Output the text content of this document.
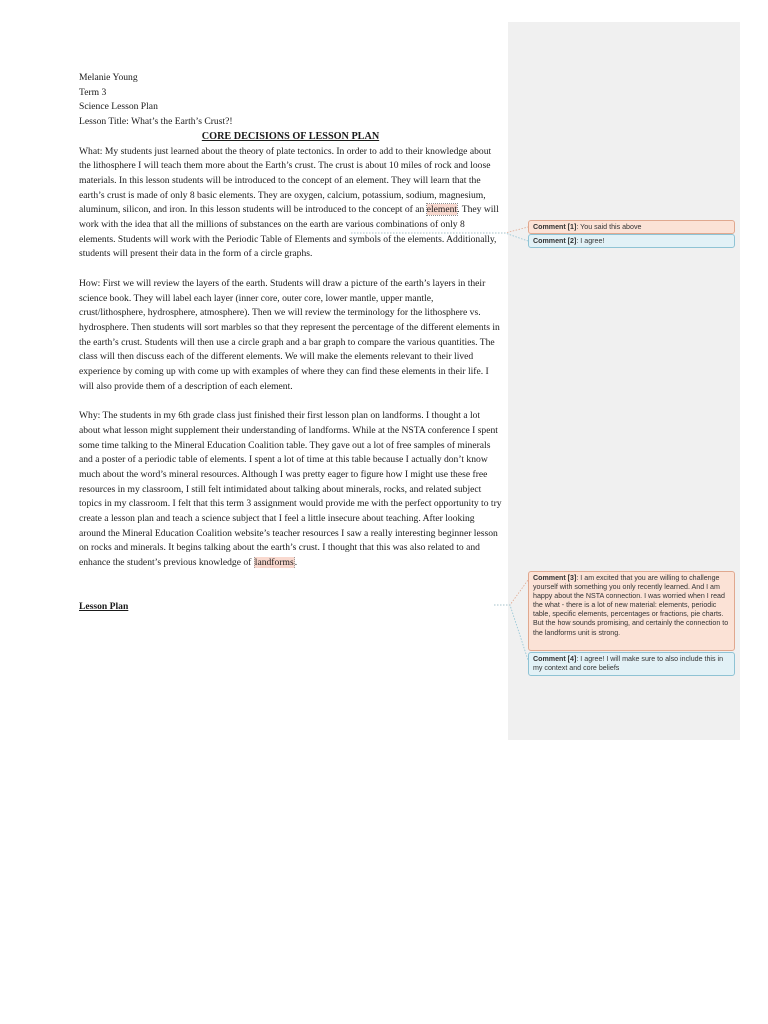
Melanie Young

Term 3

Science Lesson Plan

Lesson Title: What’s the Earth’s Crust?!

CORE DECISIONS OF LESSON PLAN

What: My students just learned about the theory of plate tectonics. In order to add to their knowledge about the lithosphere I will teach them more about the Earth’s crust. The crust is about 10 miles of rock and loose materials. In this lesson students will be introduced to the concept of an element. They will learn that the earth’s crust is made of only 8 basic elements. They are oxygen, calcium, potassium, sodium, magnesium, aluminum, silicon, and iron. In this lesson students will be introduced to the concept of an element. They will work with the idea that all the millions of substances on the earth are various combinations of only 8 elements. Students will work with the Periodic Table of Elements and symbols of the elements. Additionally, students will present their data in the form of a circle graphs.

How: First we will review the layers of the earth. Students will draw a picture of the earth’s layers in their science book. They will label each layer (inner core, outer core, lower mantle, upper mantle, crust/lithosphere, hydrosphere, atmosphere). Then we will review the terminology for the lithosphere vs. hydrosphere. Then students will sort marbles so that they represent the percentage of the different elements in the earth’s crust. Students will then use a circle graph and a bar graph to compare the various quantities. The class will then discuss each of the different elements. We will make the elements relevant to their lived experience by coming up with come up with examples of where they can find these elements in their life. I will also provide them of a description of each element.

Why: The students in my 6th grade class just finished their first lesson plan on landforms. I thought a lot about what lesson might supplement their understanding of landforms. While at the NSTA conference I spent some time talking to the Mineral Education Coalition table. They gave out a lot of free samples of minerals and a poster of a periodic table of elements. I spent a lot of time at this table because I actually don’t know much about the word’s mineral resources. Although I was pretty eager to figure how I might use these free resources in my classroom, I still felt intimidated about talking about minerals, rocks, and related subject topics in my classroom. I felt that this term 3 assignment would provide me with the perfect opportunity to try create a lesson plan and teach a science subject that I feel a little insecure about teaching. After looking around the Mineral Education Coalition website’s teacher resources I saw a really interesting beginner lesson on rocks and minerals. It begins talking about the earth’s crust. I thought that this was also related to and enhance the student’s previous knowledge of landforms.

Lesson Plan

Comment [1]: You said this above
Comment [2]: I agree!
Comment [3]: I am excited that you are willing to challenge yourself with something you only recently learned. And I am happy about the NSTA connection. I was worried when I read the what - there is a lot of new material: elements, periodic table, specific elements, percentages or fractions, pie charts. But the how sounds promising, and certainly the connection to the landforms unit is strong.
Comment [4]: I agree! I will make sure to also include this in my context and core beliefs
